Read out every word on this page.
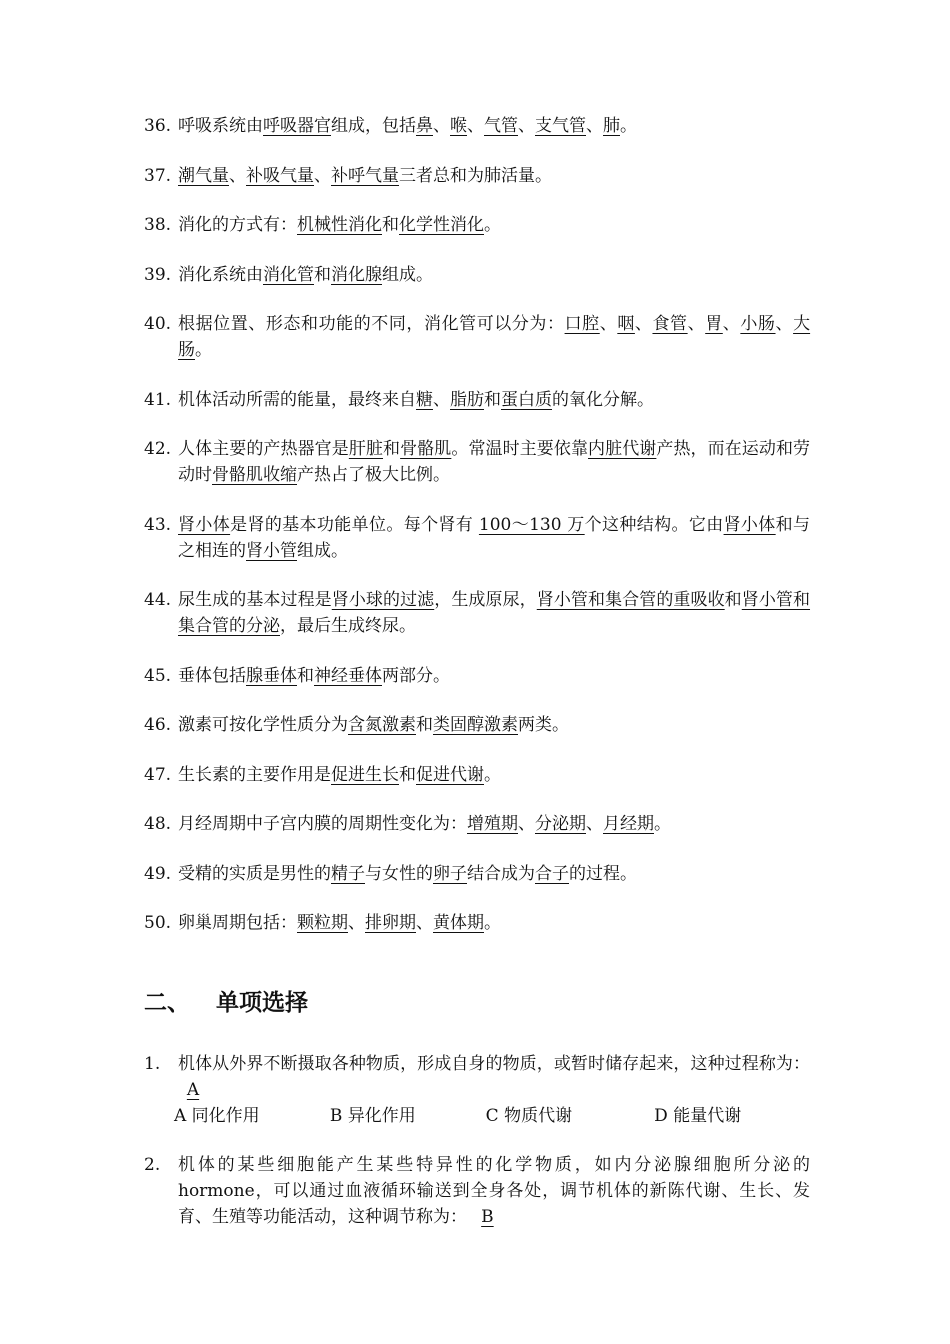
36. 呼吸系统由呼吸器官组成，包括鼻、喉、气管、支气管、肺。
37. 潮气量、补吸气量、补呼气量三者总和为肺活量。
38. 消化的方式有：机械性消化和化学性消化。
39. 消化系统由消化管和消化腺组成。
40. 根据位置、形态和功能的不同，消化管可以分为：口腔、咽、食管、胃、小肠、大肠。
41. 机体活动所需的能量，最终来自糖、脂肪和蛋白质的氧化分解。
42. 人体主要的产热器官是肝脏和骨骼肌。常温时主要依靠内脏代谢产热，而在运动和劳动时骨骼肌收缩产热占了极大比例。
43. 肾小体是肾的基本功能单位。每个肾有 100～130 万个这种结构。它由肾小体和与之相连的肾小管组成。
44. 尿生成的基本过程是肾小球的过滤，生成原尿，肾小管和集合管的重吸收和肾小管和集合管的分泌，最后生成终尿。
45. 垂体包括腺垂体和神经垂体两部分。
46. 激素可按化学性质分为含氮激素和类固醇激素两类。
47. 生长素的主要作用是促进生长和促进代谢。
48. 月经周期中子宫内膜的周期性变化为：增殖期、分泌期、月经期。
49. 受精的实质是男性的精子与女性的卵子结合成为合子的过程。
50. 卵巢周期包括：颗粒期、排卵期、黄体期。
二、 单项选择
1.	机体从外界不断摄取各种物质，形成自身的物质，或暂时储存起来，这种过程称为： A
A 同化作用	B 异化作用	C 物质代谢	D 能量代谢
2.	机体的某些细胞能产生某些特异性的化学物质，如内分泌腺细胞所分泌的hormone，可以通过血液循环输送到全身各处，调节机体的新陈代谢、生长、发育、生殖等功能活动，这种调节称为： B
